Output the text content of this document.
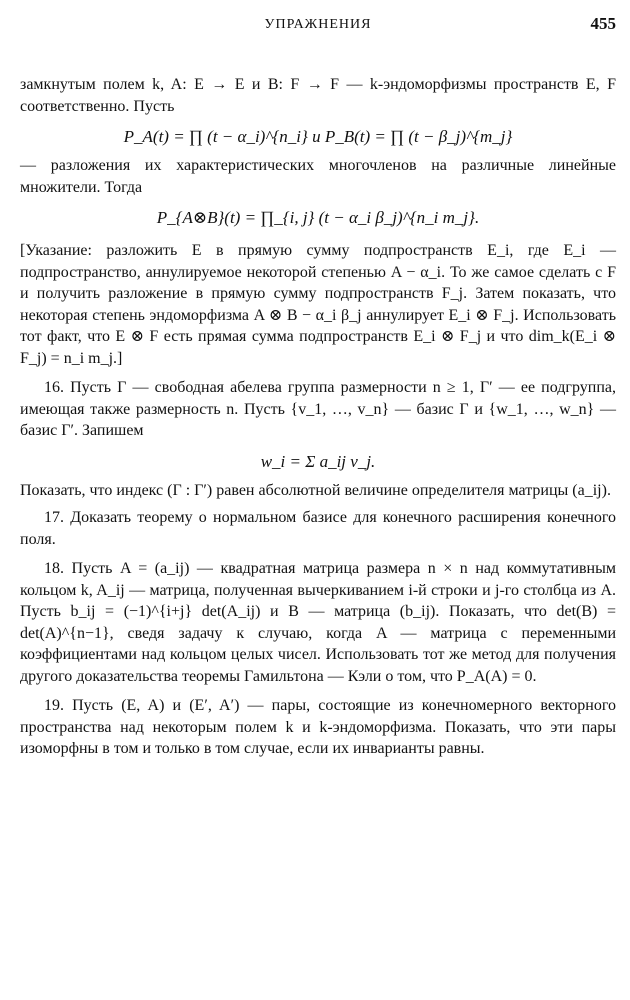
УПРАЖНЕНИЯ	455

замкнутым полем k, A: E → E и B: F → F — k-эндоморфизмы пространств E, F соответственно. Пусть

P_A(t) = ∏ (t − α_i)^{n_i} и P_B(t) = ∏ (t − β_j)^{m_j}

— разложения их характеристических многочленов на различные линейные множители. Тогда

P_{A⊗B}(t) = ∏_{i, j} (t − α_i β_j)^{n_i m_j}.

[Указание: разложить E в прямую сумму подпространств E_i, где E_i — подпространство, аннулируемое некоторой степенью A − α_i. То же самое сделать с F и получить разложение в прямую сумму подпространств F_j. Затем показать, что некоторая степень эндоморфизма A ⊗ B − α_i β_j аннулирует E_i ⊗ F_j. Использовать тот факт, что E ⊗ F есть прямая сумма подпространств E_i ⊗ F_j и что dim_k(E_i ⊗ F_j) = n_i m_j.]

16. Пусть Γ — свободная абелева группа размерности n ≥ 1, Γ′ — ее подгруппа, имеющая также размерность n. Пусть {v_1, …, v_n} — базис Γ и {w_1, …, w_n} — базис Γ′. Запишем

w_i = Σ a_ij v_j.

Показать, что индекс (Γ : Γ′) равен абсолютной величине определителя матрицы (a_ij).

17. Доказать теорему о нормальном базисе для конечного расширения конечного поля.

18. Пусть A = (a_ij) — квадратная матрица размера n × n над коммутативным кольцом k, A_ij — матрица, полученная вычеркиванием i-й строки и j-го столбца из A. Пусть b_ij = (−1)^{i+j} det(A_ij) и B — матрица (b_ij). Показать, что det(B) = det(A)^{n−1}, сведя задачу к случаю, когда A — матрица с переменными коэффициентами над кольцом целых чисел. Использовать тот же метод для получения другого доказательства теоремы Гамильтона — Кэли о том, что P_A(A) = 0.

19. Пусть (E, A) и (E′, A′) — пары, состоящие из конечномерного векторного пространства над некоторым полем k и k-эндоморфизма. Показать, что эти пары изоморфны в том и только в том случае, если их инварианты равны.
